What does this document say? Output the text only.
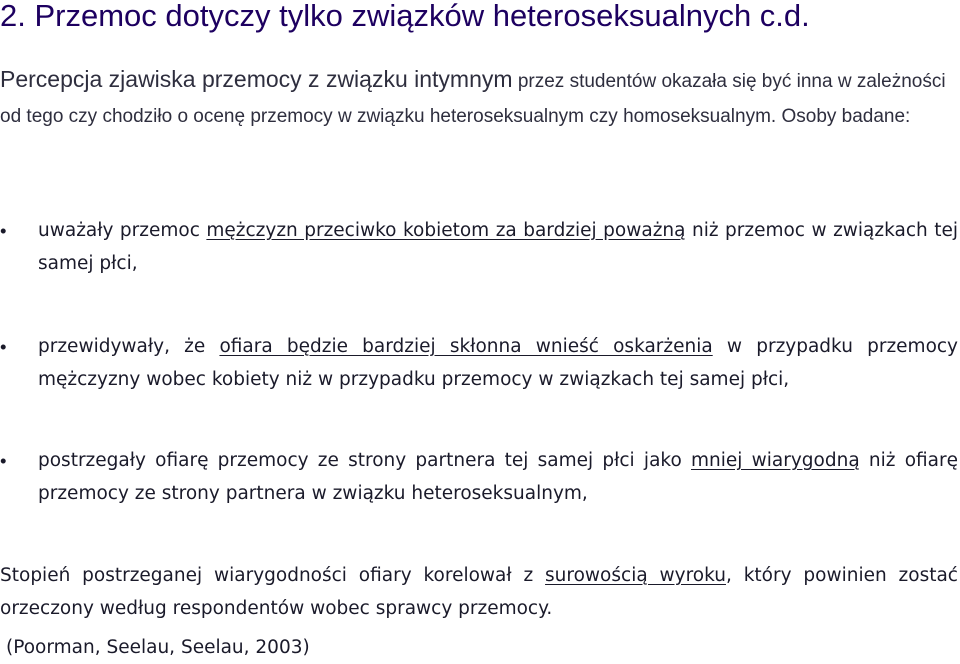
2. Przemoc dotyczy tylko związków heteroseksualnych c.d.
Percepcja zjawiska przemocy z związku intymnym przez studentów okazała się być inna w zależności od tego czy chodziło o ocenę przemocy w związku heteroseksualnym czy homoseksualnym. Osoby badane:
• uważały przemoc mężczyzn przeciwko kobietom za bardziej poważną niż przemoc w związkach tej samej płci,
• przewidywały, że ofiara będzie bardziej skłonna wnieść oskarżenia w przypadku przemocy mężczyzny wobec kobiety niż w przypadku przemocy w związkach tej samej płci,
• postrzegały ofiarę przemocy ze strony partnera tej samej płci jako mniej wiarygodną niż ofiarę przemocy ze strony partnera w związku heteroseksualnym,
Stopień postrzeganej wiarygodności ofiary korelował z surowością wyroku, który powinien zostać orzeczony według respondentów wobec sprawcy przemocy.
(Poorman, Seelau, Seelau, 2003)
